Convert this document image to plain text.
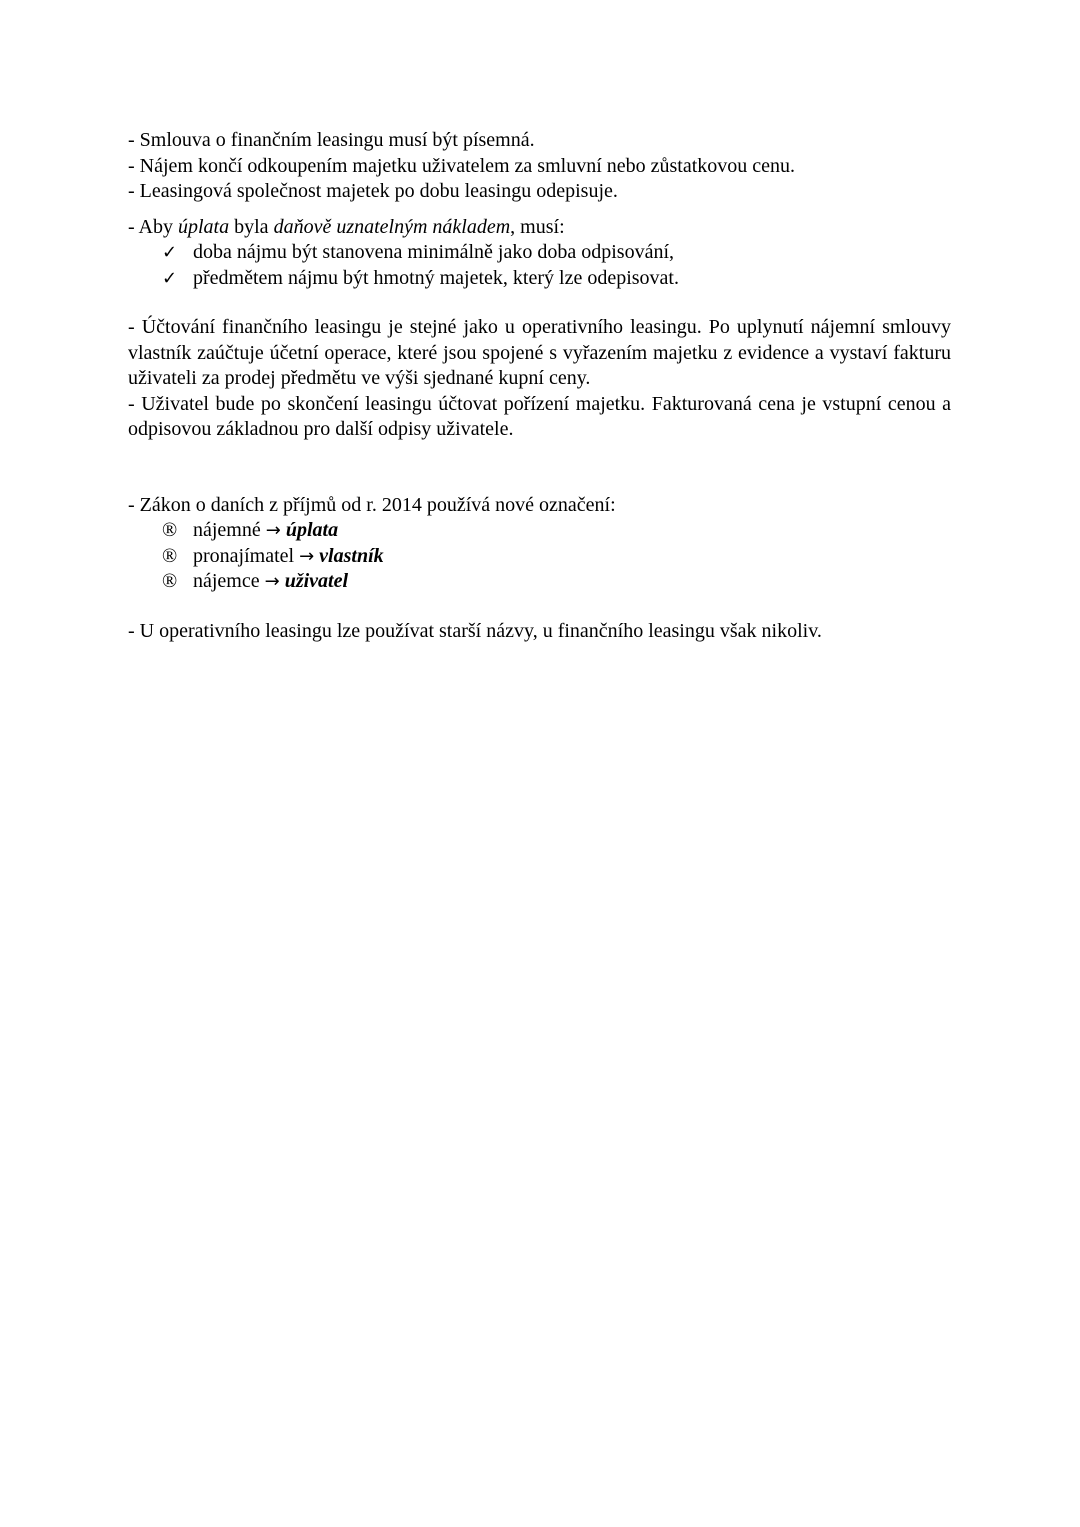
- Smlouva o finančním leasingu musí být písemná.
- Nájem končí odkoupením majetku uživatelem za smluvní nebo zůstatkovou cenu.
- Leasingová společnost majetek po dobu leasingu odepisuje.
- Aby úplata byla daňově uznatelným nákladem, musí:
✓ doba nájmu být stanovena minimálně jako doba odpisování,
✓ předmětem nájmu být hmotný majetek, který lze odepisovat.
- Účtování finančního leasingu je stejné jako u operativního leasingu. Po uplynutí nájemní smlouvy vlastník zaúčtuje účetní operace, které jsou spojené s vyřazením majetku z evidence a vystaví fakturu uživateli za prodej předmětu ve výši sjednané kupní ceny.
- Uživatel bude po skončení leasingu účtovat pořízení majetku. Fakturovaná cena je vstupní cenou a odpisovou základnou pro další odpisy uživatele.
- Zákon o daních z příjmů od r. 2014 používá nové označení:
® nájemné
→
úplata
® pronajímatel
→
vlastník
® nájemce
→
uživatel
- U operativního leasingu lze používat starší názvy, u finančního leasingu však nikoliv.
